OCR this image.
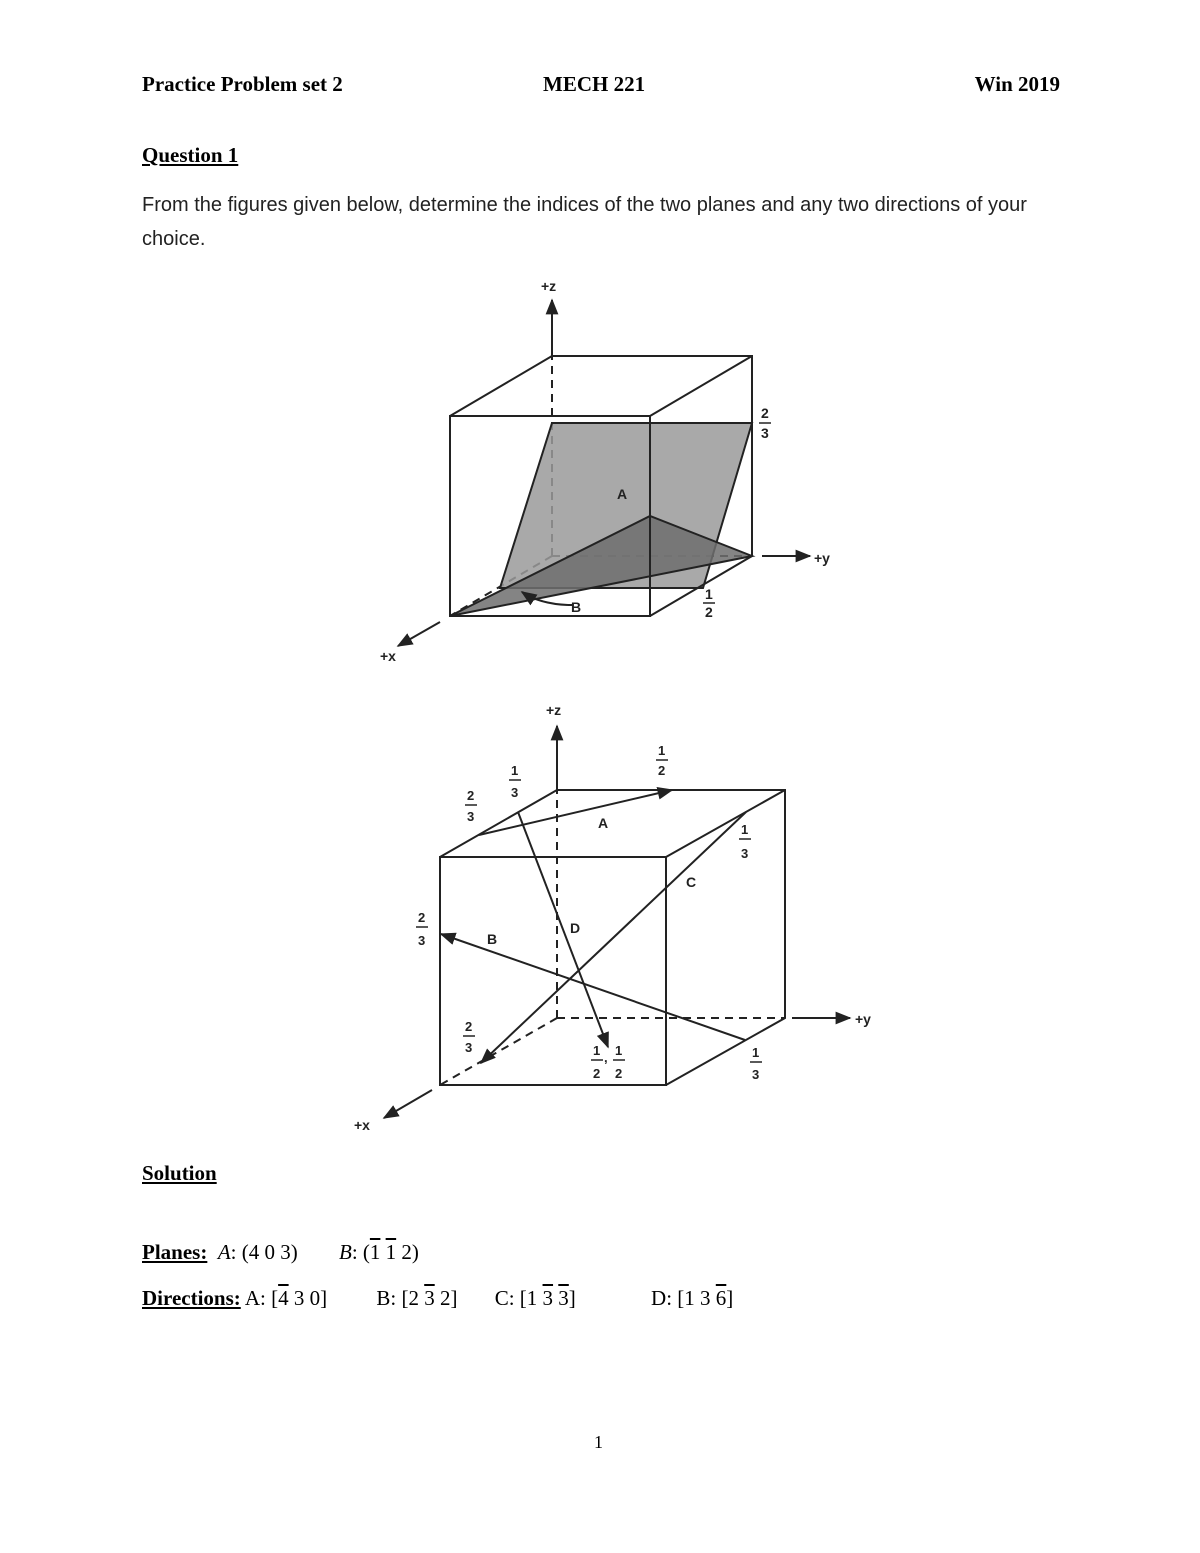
Practice Problem set 2	MECH 221	Win 2019
Question 1
From the figures given below, determine the indices of the two planes and any two directions of your choice.
+z
+y
+x
A
B
2
3
1
2
+z
+y
+x
A
B
C
D
1
2
1
3
2
3
1
3
2
3
2
3	1
2
, 1
2
1
3
Solution
Planes: A: (4 0 3) B: (1 1 2)
Directions: A: [4 3 0] B: [2 3 2] C: [1 3 3]	D: [1 3 6]
1
